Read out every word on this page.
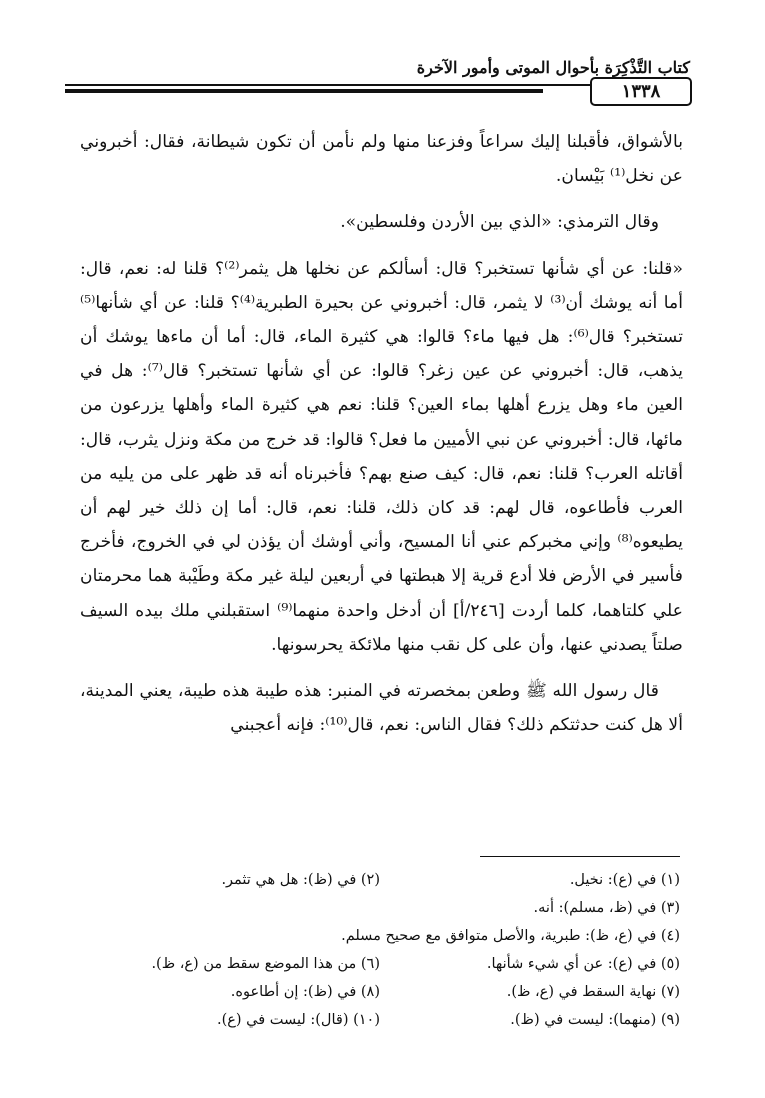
كتاب التَّذْكِرَة بأحوال الموتى وأمور الآخرة
١٣٣٨

بالأشواق، فأقبلنا إليك سراعاً وفزعنا منها ولم نأمن أن تكون شيطانة، فقال: أخبروني عن نخل⁽¹⁾ بَيْسان.

وقال الترمذي: «الذي بين الأردن وفلسطين».

«قلنا: عن أي شأنها تستخبر؟ قال: أسألكم عن نخلها هل يثمر⁽²⁾؟ قلنا له: نعم، قال: أما أنه يوشك أن⁽³⁾ لا يثمر، قال: أخبروني عن بحيرة الطبرية⁽⁴⁾؟ قلنا: عن أي شأنها⁽⁵⁾ تستخبر؟ قال⁽⁶⁾: هل فيها ماء؟ قالوا: هي كثيرة الماء، قال: أما أن ماءها يوشك أن يذهب، قال: أخبروني عن عين زغر؟ قالوا: عن أي شأنها تستخبر؟ قال⁽⁷⁾: هل في العين ماء وهل يزرع أهلها بماء العين؟ قلنا: نعم هي كثيرة الماء وأهلها يزرعون من مائها، قال: أخبروني عن نبي الأميين ما فعل؟ قالوا: قد خرج من مكة ونزل يثرب، قال: أقاتله العرب؟ قلنا: نعم، قال: كيف صنع بهم؟ فأخبرناه أنه قد ظهر على من يليه من العرب فأطاعوه، قال لهم: قد كان ذلك، قلنا: نعم، قال: أما إن ذلك خير لهم أن يطيعوه⁽⁸⁾ وإني مخبركم عني أنا المسيح، وأني أوشك أن يؤذن لي في الخروج، فأخرج فأسير في الأرض فلا أدع قرية إلا هبطتها في أربعين ليلة غير مكة وطَيْبة هما محرمتان علي كلتاهما، كلما أردت [٢٤٦/أ] أن أدخل واحدة منهما⁽⁹⁾ استقبلني ملك بيده السيف صلتاً يصدني عنها، وأن على كل نقب منها ملائكة يحرسونها.

قال رسول الله ﷺ وطعن بمخصرته في المنبر: هذه طيبة هذه طيبة، يعني المدينة، ألا هل كنت حدثتكم ذلك؟ فقال الناس: نعم، قال⁽¹⁰⁾: فإنه أعجبني

(١) في (ع): نخيل.
(٢) في (ظ): هل هي تثمر.
(٣) في (ظ، مسلم): أنه.
(٤) في (ع، ظ): طبرية، والأصل متوافق مع صحيح مسلم.
(٥) في (ع): عن أي شيء شأنها.
(٦) من هذا الموضع سقط من (ع، ظ).
(٧) نهاية السقط في (ع، ظ).
(٨) في (ظ): إن أطاعوه.
(٩) (منهما): ليست في (ظ).
(١٠) (قال): ليست في (ع).
